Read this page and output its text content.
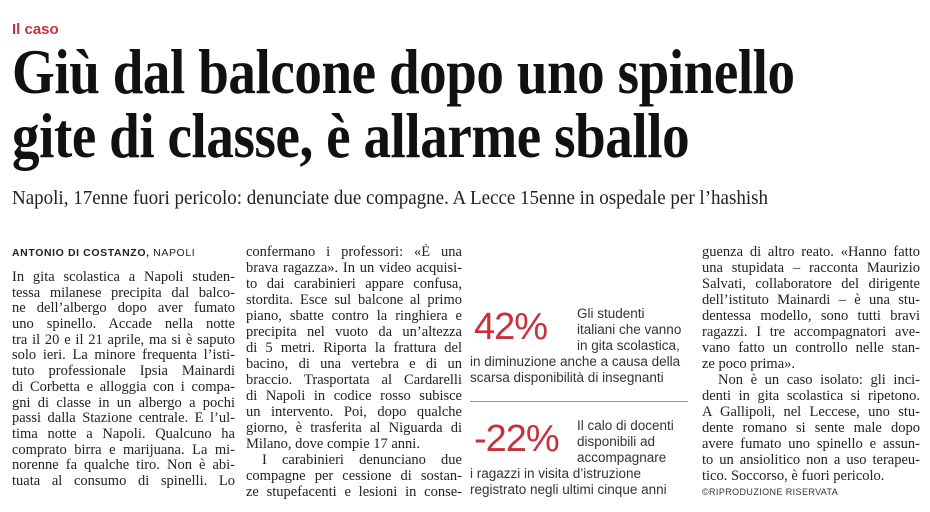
Il caso
Giù dal balcone dopo uno spinello
gite di classe, è allarme sballo
Napoli, 17enne fuori pericolo: denunciate due compagne. A Lecce 15enne in ospedale per l’hashish
ANTONIO DI COSTANZO, NAPOLI
In gita scolastica a Napoli studen-
tessa milanese precipita dal balco-
ne dell’albergo dopo aver fumato
uno spinello. Accade nella notte
tra il 20 e il 21 aprile, ma si è saputo
solo ieri. La minore frequenta l’isti-
tuto professionale Ipsia Mainardi
di Corbetta e alloggia con i compa-
gni di classe in un albergo a pochi
passi dalla Stazione centrale. È l’ul-
tima notte a Napoli. Qualcuno ha
comprato birra e marijuana. La mi-
norenne fa qualche tiro. Non è abi-
tuata al consumo di spinelli. Lo
confermano i professori: «È una
brava ragazza». In un video acquisi-
to dai carabinieri appare confusa,
stordita. Esce sul balcone al primo
piano, sbatte contro la ringhiera e
precipita nel vuoto da un’altezza
di 5 metri. Riporta la frattura del
bacino, di una vertebra e di un
braccio. Trasportata al Cardarelli
di Napoli in codice rosso subisce
un intervento. Poi, dopo qualche
giorno, è trasferita al Niguarda di
Milano, dove compie 17 anni.
I carabinieri denunciano due
compagne per cessione di sostan-
ze stupefacenti e lesioni in conse-
42%	Gli studenti
italiani che vanno
in gita scolastica,
in diminuzione anche a causa della
scarsa disponibilità di insegnanti
-22%	Il calo di docenti
disponibili ad
accompagnare
i ragazzi in visita d’istruzione
registrato negli ultimi cinque anni
guenza di altro reato. «Hanno fatto
una stupidata – racconta Maurizio
Salvati, collaboratore del dirigente
dell’istituto Mainardi – è una stu-
dentessa modello, sono tutti bravi
ragazzi. I tre accompagnatori ave-
vano fatto un controllo nelle stan-
ze poco prima».
Non è un caso isolato: gli inci-
denti in gita scolastica si ripetono.
A Gallipoli, nel Leccese, uno stu-
dente romano si sente male dopo
avere fumato uno spinello e assun-
to un ansiolitico non a uso terapeu-
tico. Soccorso, è fuori pericolo.
©RIPRODUZIONE RISERVATA
